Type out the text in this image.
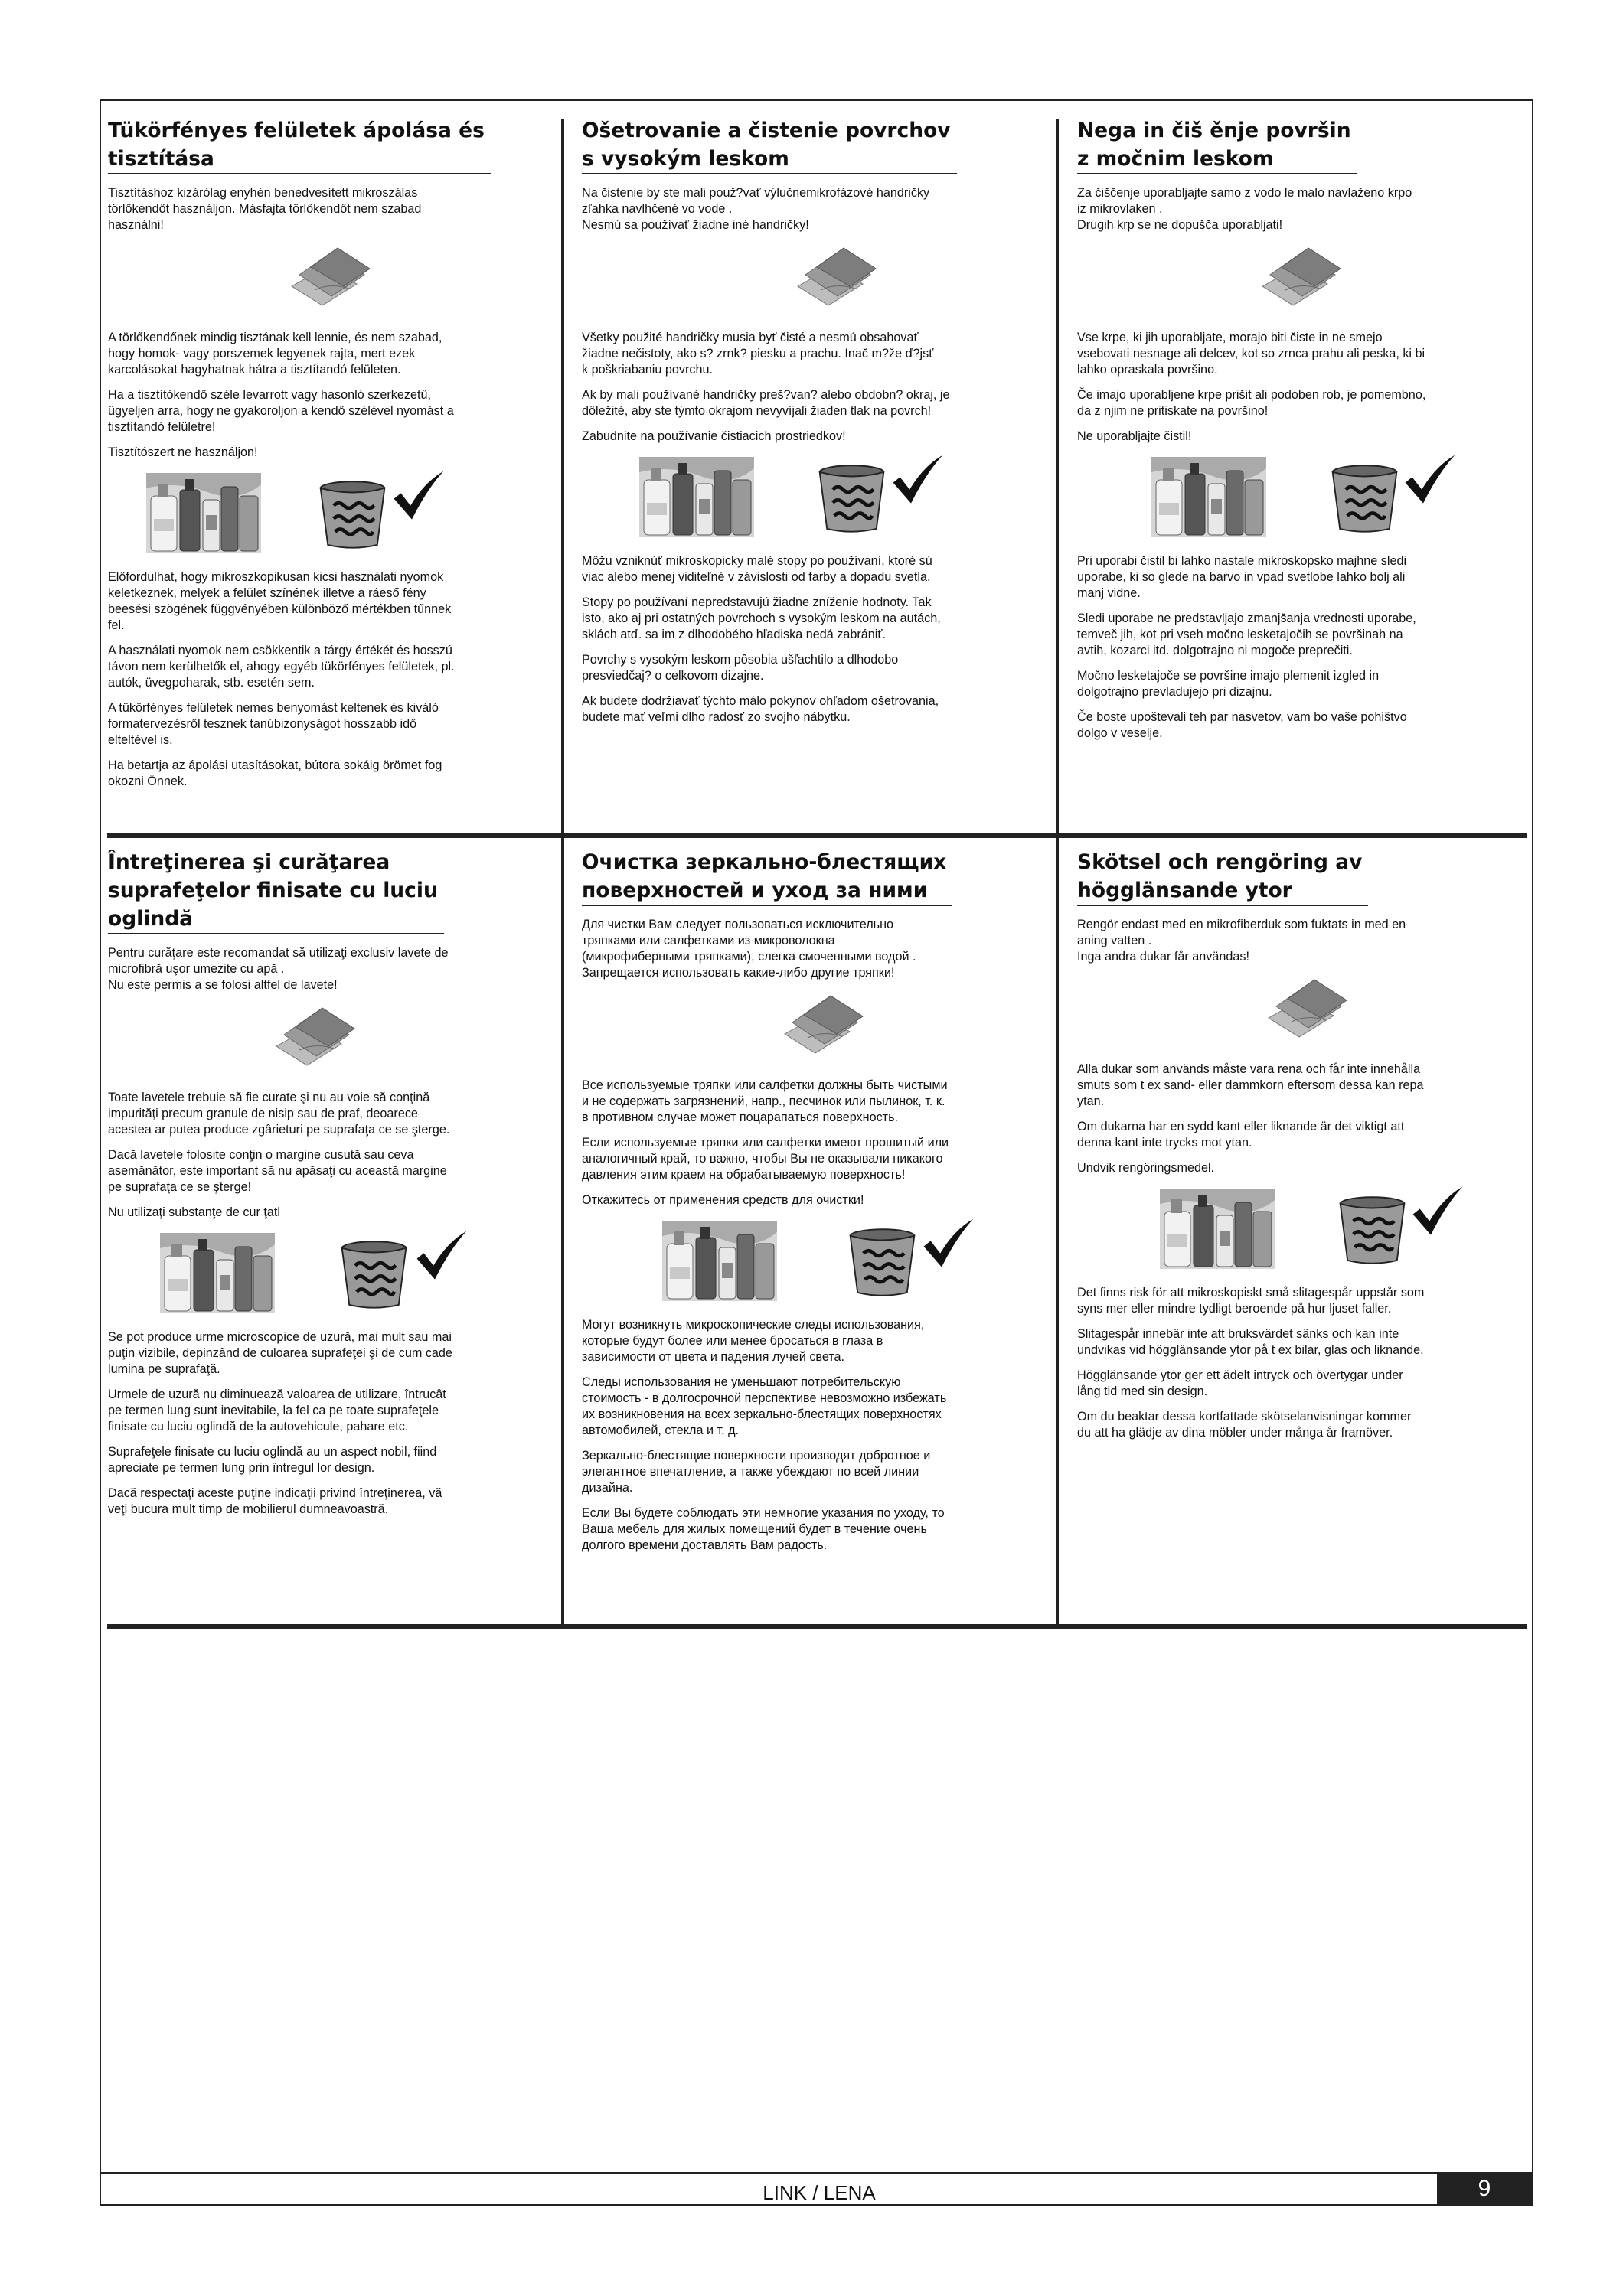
Tükörfényes felületek ápolása és
tisztítása

Tisztításhoz kizárólag enyhén benedvesített mikroszálas
törlőkendőt használjon. Másfajta törlőkendőt nem szabad
használni!

A törlőkendőnek mindig tisztának kell lennie, és nem szabad,
hogy homok- vagy porszemek legyenek rajta, mert ezek
karcolásokat hagyhatnak hátra a tisztítandó felületen.

Ha a tisztítókendő széle levarrott vagy hasonló szerkezetű,
ügyeljen arra, hogy ne gyakoroljon a kendő szélével nyomást a
tisztítandó felületre!

Tisztítószert ne használjon!

Előfordulhat, hogy mikroszkopikusan kicsi használati nyomok
keletkeznek, melyek a felület színének illetve a ráeső fény
beesési szögének függvényében különböző mértékben tűnnek
fel.

A használati nyomok nem csökkentik a tárgy értékét és hosszú
távon nem kerülhetők el, ahogy egyéb tükörfényes felületek, pl.
autók, üvegpoharak, stb. esetén sem.

A tükörfényes felületek nemes benyomást keltenek és kiváló
formatervezésről tesznek tanúbizonyságot hosszabb idő
elteltével is.

Ha betartja az ápolási utasításokat, bútora sokáig örömet fog
okozni Önnek.

Ošetrovanie a čistenie povrchov
s vysokým leskom

Na čistenie by ste mali použ?vať výlučnemikrofázové handričky
zľahka navlhčené vo vode .
Nesmú sa používať žiadne iné handričky!

Všetky použité handričky musia byť čisté a nesmú obsahovať
žiadne nečistoty, ako s? zrnk? piesku a prachu. Inač m?že ď?jsť
k poškriabaniu povrchu.

Ak by mali používané handričky preš?van? alebo obdobn? okraj, je
dôležité, aby ste týmto okrajom nevyvíjali žiaden tlak na povrch!

Zabudnite na používanie čistiacich prostriedkov!

Môžu vzniknúť mikroskopicky malé stopy po používaní, ktoré sú
viac alebo menej viditeľné v závislosti od farby a dopadu svetla.

Stopy po používaní nepredstavujú žiadne zníženie hodnoty. Tak
isto, ako aj pri ostatných povrchoch s vysokým leskom na autách,
sklách atď. sa im z dlhodobého hľadiska nedá zabrániť.

Povrchy s vysokým leskom pôsobia ušľachtilo a dlhodobo
presviedčaj? o celkovom dizajne.

Ak budete dodržiavať týchto málo pokynov ohľadom ošetrovania,
budete mať veľmi dlho radosť zo svojho nábytku.

Nega in čiš ěnje površin
z močnim leskom

Za čiščenje uporabljajte samo z vodo le malo navlaženo krpo
iz mikrovlaken .
Drugih krp se ne dopušča uporabljati!

Vse krpe, ki jih uporabljate, morajo biti čiste in ne smejo
vsebovati nesnage ali delcev, kot so zrnca prahu ali peska, ki bi
lahko opraskala površino.

Če imajo uporabljene krpe prišit ali podoben rob, je pomembno,
da z njim ne pritiskate na površino!

Ne uporabljajte čistil!

Pri uporabi čistil bi lahko nastale mikroskopsko majhne sledi
uporabe, ki so glede na barvo in vpad svetlobe lahko bolj ali
manj vidne.

Sledi uporabe ne predstavljajo zmanjšanja vrednosti uporabe,
temveč jih, kot pri vseh močno lesketajočih se površinah na
avtih, kozarci itd. dolgotrajno ni mogoče preprečiti.

Močno lesketajoče se površine imajo plemenit izgled in
dolgotrajno prevladujejo pri dizajnu.

Če boste upoštevali teh par nasvetov, vam bo vaše pohištvo
dolgo v veselje.

Întreţinerea şi curăţarea
suprafeţelor finisate cu luciu
oglindă

Pentru curăţare este recomandat să utilizaţi exclusiv lavete de
microfibră uşor umezite cu apă .
Nu este permis a se folosi altfel de lavete!

Toate lavetele trebuie să fie curate şi nu au voie să conţină
impurităţi precum granule de nisip sau de praf, deoarece
acestea ar putea produce zgârieturi pe suprafaţa ce se şterge.

Dacă lavetele folosite conţin o margine cusută sau ceva
asemănător, este important să nu apăsaţi cu această margine
pe suprafaţa ce se şterge!

Nu utilizaţi substanţe de cur ţatl

Se pot produce urme microscopice de uzură, mai mult sau mai
puţin vizibile, depinzând de culoarea suprafeţei şi de cum cade
lumina pe suprafaţă.

Urmele de uzură nu diminuează valoarea de utilizare, întrucât
pe termen lung sunt inevitabile, la fel ca pe toate suprafeţele
finisate cu luciu oglindă de la autovehicule, pahare etc.

Suprafeţele finisate cu luciu oglindă au un aspect nobil, fiind
apreciate pe termen lung prin întregul lor design.

Dacă respectaţi aceste puţine indicaţii privind întreţinerea, vă
veţi bucura mult timp de mobilierul dumneavoastră.

Очистка зеркально-блестящих
поверхностей и уход за ними

Для чистки Вам следует пользоваться исключительно
тряпками или салфетками из микроволокна
(микрофиберными тряпками), слегка смоченными водой .
Запрещается использовать какие-либо другие тряпки!

Все используемые тряпки или салфетки должны быть чистыми
и не содержать загрязнений, напр., песчинок или пылинок, т. к.
в противном случае может поцарапаться поверхность.

Если используемые тряпки или салфетки имеют прошитый или
аналогичный край, то важно, чтобы Вы не оказывали никакого
давления этим краем на обрабатываемую поверхность!

Откажитесь от применения средств для очистки!

Могут возникнуть микроскопические следы использования,
которые будут более или менее бросаться в глаза в
зависимости от цвета и падения лучей света.

Следы использования не уменьшают потребительскую
стоимость - в долгосрочной перспективе невозможно избежать
их возникновения на всех зеркально-блестящих поверхностях
автомобилей, стекла и т. д.

Зеркально-блестящие поверхности производят добротное и
элегантное впечатление, а также убеждают по всей линии
дизайна.

Если Вы будете соблюдать эти немногие указания по уходу, то
Ваша мебель для жилых помещений будет в течение очень
долгого времени доставлять Вам радость.

Skötsel och rengöring av
högglänsande ytor

Rengör endast med en mikrofiberduk som fuktats in med en
aning vatten .
Inga andra dukar får användas!

Alla dukar som används måste vara rena och får inte innehålla
smuts som t ex sand- eller dammkorn eftersom dessa kan repa
ytan.

Om dukarna har en sydd kant eller liknande är det viktigt att
denna kant inte trycks mot ytan.

Undvik rengöringsmedel.

Det finns risk för att mikroskopiskt små slitagespår uppstår som
syns mer eller mindre tydligt beroende på hur ljuset faller.

Slitagespår innebär inte att bruksvärdet sänks och kan inte
undvikas vid högglänsande ytor på t ex bilar, glas och liknande.

Högglänsande ytor ger ett ädelt intryck och övertygar under
lång tid med sin design.

Om du beaktar dessa kortfattade skötselanvisningar kommer
du att ha glädje av dina möbler under många år framöver.

LINK / LENA	9
